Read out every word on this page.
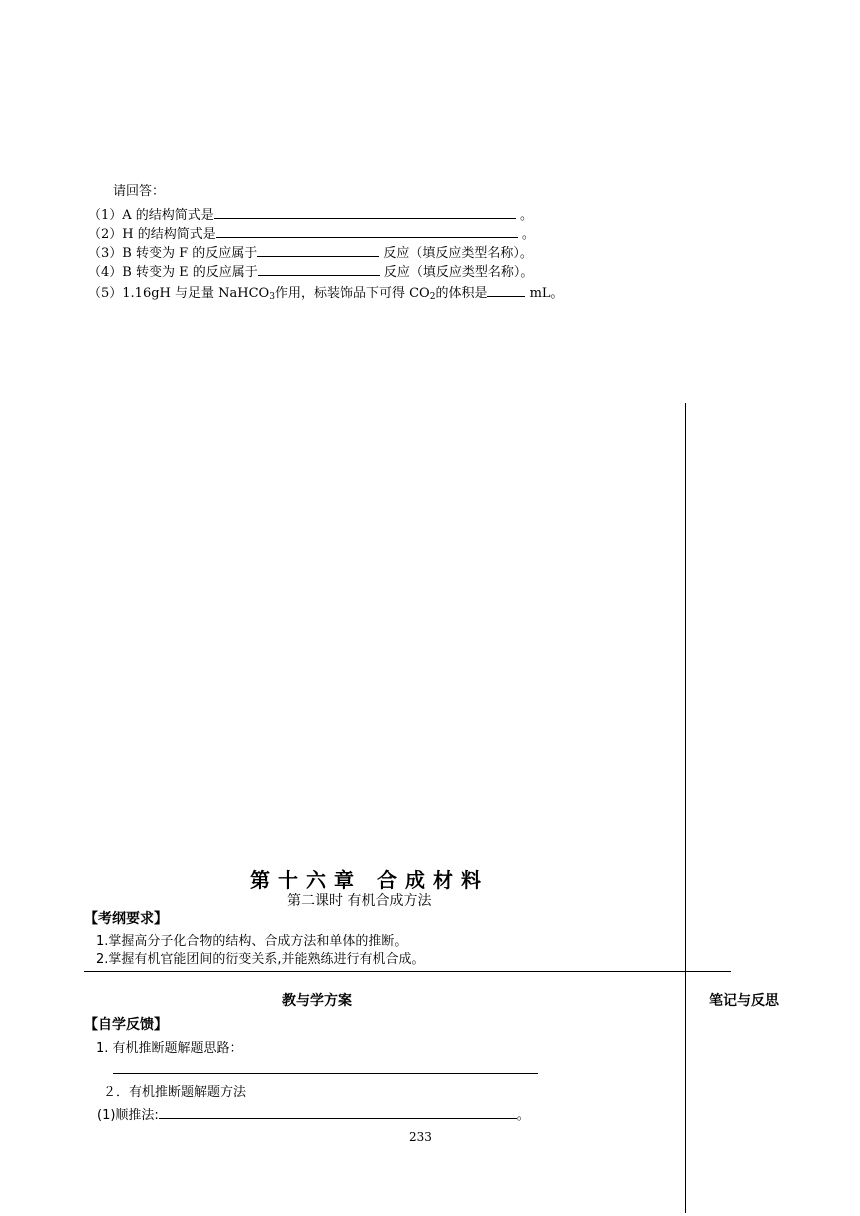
请回答：
（1）A 的结构简式是	。
（2）H 的结构简式是	。
（3）B 转变为 F 的反应属于	反应（填反应类型名称）。
（4）B 转变为 E 的反应属于	反应（填反应类型名称）。
（5）1.16gH 与足量 NaHCO$_3$作用，标装饰品下可得 $CO_2$的体积是	mL。
第十六章 合成材料
第二课时 有机合成方法
【考纲要求】
1.掌握高分子化合物的结构、合成方法和单体的推断。
2.掌握有机官能团间的衍变关系,并能熟练进行有机合成。
教与学方案	笔记与反思
【自学反馈】
1. 有机推断题解题思路：
２．有机推断题解题方法
(1)顺推法:	。
233
